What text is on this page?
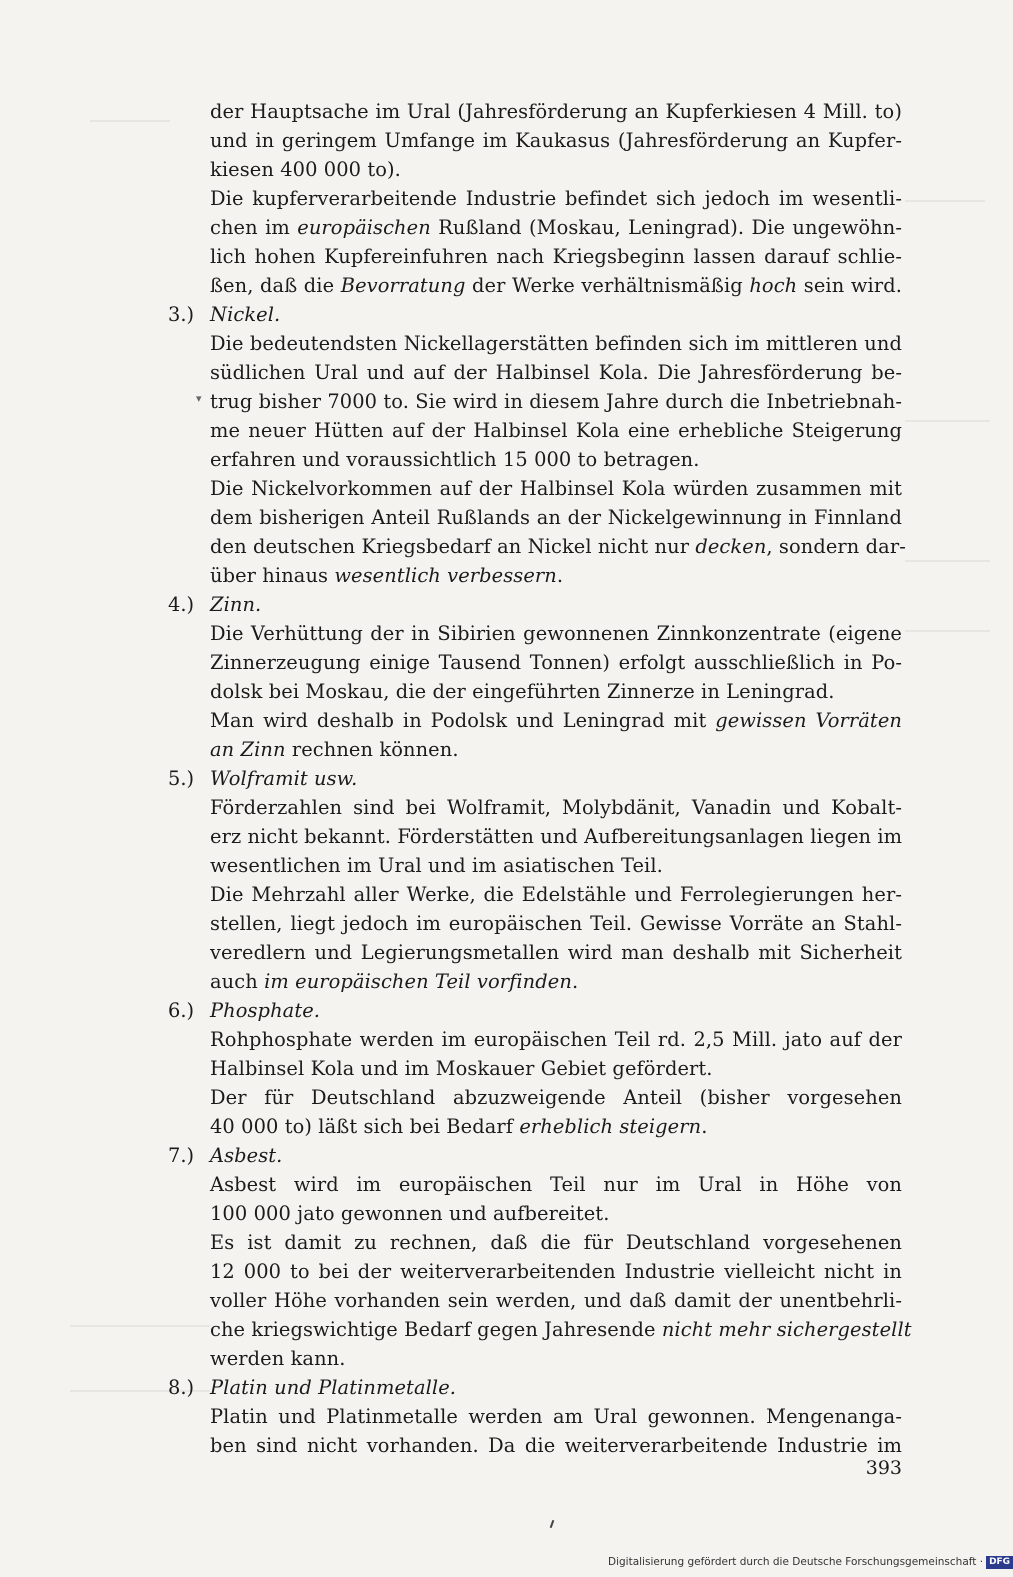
der Hauptsache im Ural (Jahresförderung an Kupferkiesen 4 Mill. to)
und in geringem Umfange im Kaukasus (Jahresförderung an Kupfer-
kiesen 400 000 to).
Die kupferverarbeitende Industrie befindet sich jedoch im wesentli-
chen im europäischen Rußland (Moskau, Leningrad). Die ungewöhn-
lich hohen Kupfereinfuhren nach Kriegsbeginn lassen darauf schlie-
ßen, daß die Bevorratung der Werke verhältnismäßig hoch sein wird.
3.) Nickel.
Die bedeutendsten Nickellagerstätten befinden sich im mittleren und
südlichen Ural und auf der Halbinsel Kola. Die Jahresförderung be-
trug bisher 7000 to. Sie wird in diesem Jahre durch die Inbetriebnah-
me neuer Hütten auf der Halbinsel Kola eine erhebliche Steigerung
erfahren und voraussichtlich 15 000 to betragen.
Die Nickelvorkommen auf der Halbinsel Kola würden zusammen mit
dem bisherigen Anteil Rußlands an der Nickelgewinnung in Finnland
den deutschen Kriegsbedarf an Nickel nicht nur decken, sondern dar-
über hinaus wesentlich verbessern.
4.) Zinn.
Die Verhüttung der in Sibirien gewonnenen Zinnkonzentrate (eigene
Zinnerzeugung einige Tausend Tonnen) erfolgt ausschließlich in Po-
dolsk bei Moskau, die der eingeführten Zinnerze in Leningrad.
Man wird deshalb in Podolsk und Leningrad mit gewissen Vorräten
an Zinn rechnen können.
5.) Wolframit usw.
Förderzahlen sind bei Wolframit, Molybdänit, Vanadin und Kobalt-
erz nicht bekannt. Förderstätten und Aufbereitungsanlagen liegen im
wesentlichen im Ural und im asiatischen Teil.
Die Mehrzahl aller Werke, die Edelstähle und Ferrolegierungen her-
stellen, liegt jedoch im europäischen Teil. Gewisse Vorräte an Stahl-
veredlern und Legierungsmetallen wird man deshalb mit Sicherheit
auch im europäischen Teil vorfinden.
6.) Phosphate.
Rohphosphate werden im europäischen Teil rd. 2,5 Mill. jato auf der
Halbinsel Kola und im Moskauer Gebiet gefördert.
Der für Deutschland abzuzweigende Anteil (bisher vorgesehen
40 000 to) läßt sich bei Bedarf erheblich steigern.
7.) Asbest.
Asbest wird im europäischen Teil nur im Ural in Höhe von
100 000 jato gewonnen und aufbereitet.
Es ist damit zu rechnen, daß die für Deutschland vorgesehenen
12 000 to bei der weiterverarbeitenden Industrie vielleicht nicht in
voller Höhe vorhanden sein werden, und daß damit der unentbehrli-
che kriegswichtige Bedarf gegen Jahresende nicht mehr sichergestellt
werden kann.
8.) Platin und Platinmetalle.
Platin und Platinmetalle werden am Ural gewonnen. Mengenanga-
ben sind nicht vorhanden. Da die weiterverarbeitende Industrie im
▾
393
Digitalisierung gefördert durch die Deutsche Forschungsgemeinschaft · DFG
